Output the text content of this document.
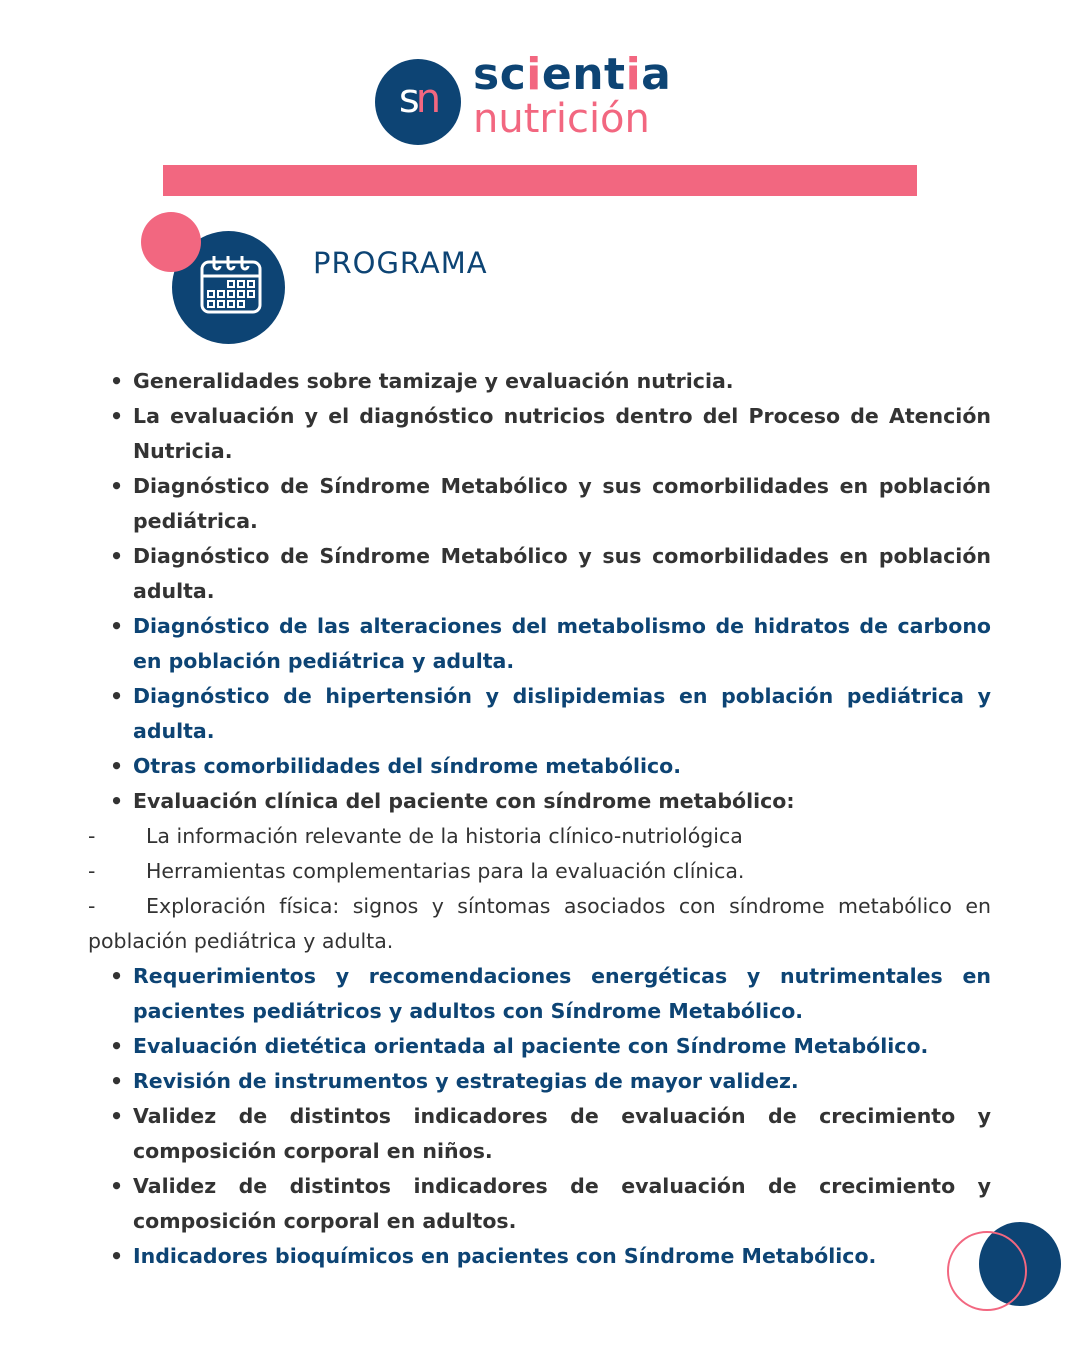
s n scientia
nutrición
PROGRAMA
• Generalidades sobre tamizaje y evaluación nutricia.
• La evaluación y el diagnóstico nutricios dentro del Proceso de Atención Nutricia.
• Diagnóstico de Síndrome Metabólico y sus comorbilidades en población pediátrica.
• Diagnóstico de Síndrome Metabólico y sus comorbilidades en población adulta.
• Diagnóstico de las alteraciones del metabolismo de hidratos de carbono en población pediátrica y adulta.
• Diagnóstico de hipertensión y dislipidemias en población pediátrica y adulta.
• Otras comorbilidades del síndrome metabólico.
• Evaluación clínica del paciente con síndrome metabólico:
- La información relevante de la historia clínico-nutriológica
- Herramientas complementarias para la evaluación clínica.
- Exploración física: signos y síntomas asociados con síndrome metabólico en población pediátrica y adulta.
• Requerimientos y recomendaciones energéticas y nutrimentales en pacientes pediátricos y adultos con Síndrome Metabólico.
• Evaluación dietética orientada al paciente con Síndrome Metabólico.
• Revisión de instrumentos y estrategias de mayor validez.
• Validez de distintos indicadores de evaluación de crecimiento y composición corporal en niños.
• Validez de distintos indicadores de evaluación de crecimiento y composición corporal en adultos.
• Indicadores bioquímicos en pacientes con Síndrome Metabólico.
